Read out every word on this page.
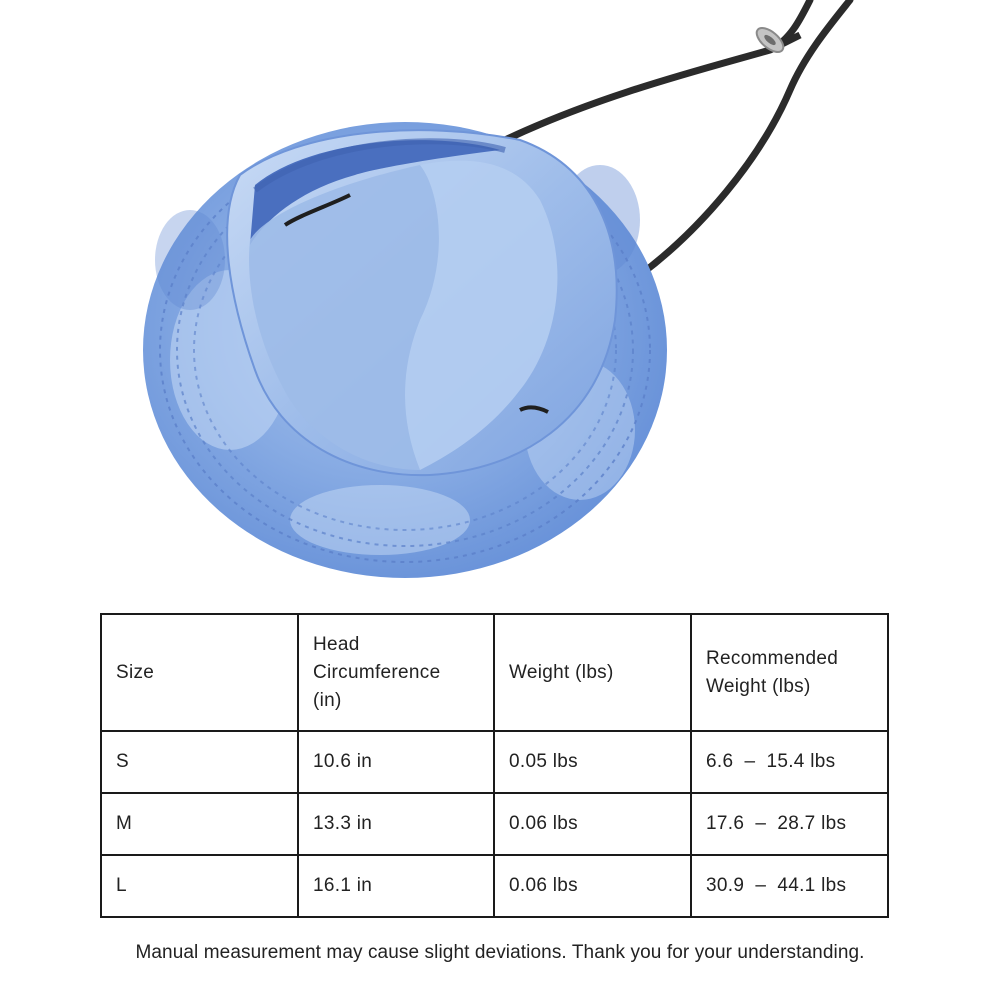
Size	Head Circumference (in)	Weight (lbs)	Recommended Weight (lbs)

S	10.6 in	0.05 lbs	6.6  –  15.4 lbs
M	13.3 in	0.06 lbs	17.6  –  28.7 lbs
L	16.1 in	0.06 lbs	30.9  –  44.1 lbs
Manual measurement may cause slight deviations. Thank you for your understanding.
